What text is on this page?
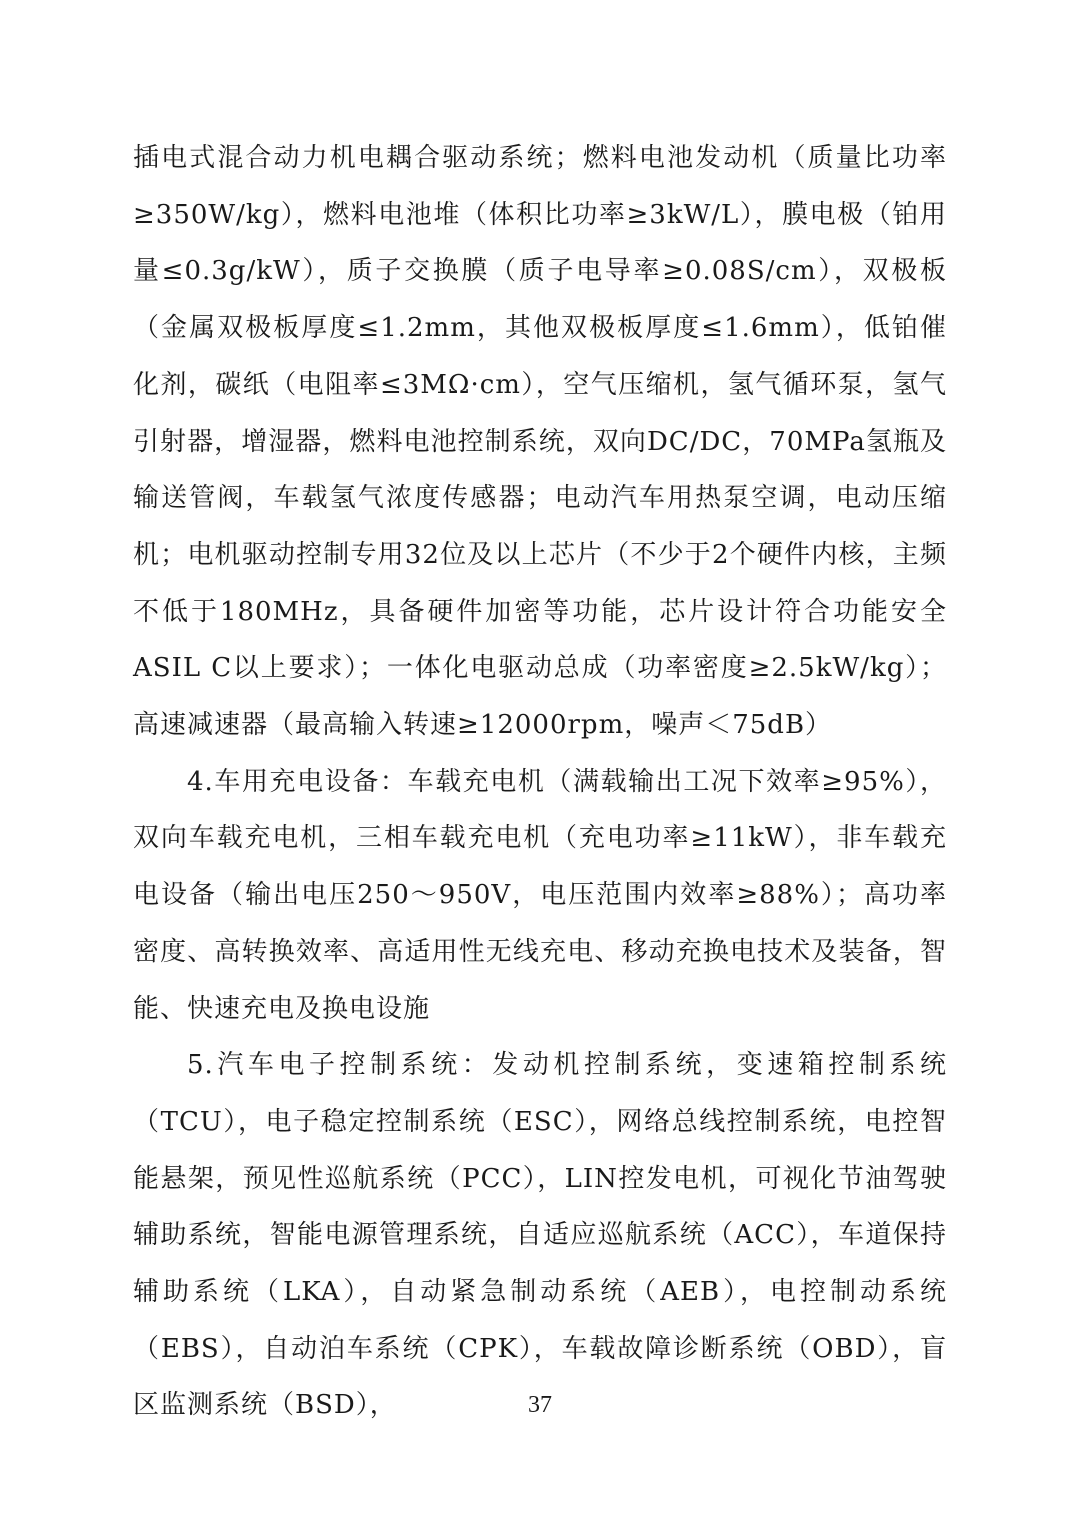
插电式混合动力机电耦合驱动系统；燃料电池发动机（质量比功率≥350W/kg），燃料电池堆（体积比功率≥3kW/L），膜电极（铂用量≤0.3g/kW），质子交换膜（质子电导率≥0.08S/cm），双极板（金属双极板厚度≤1.2mm，其他双极板厚度≤1.6mm），低铂催化剂，碳纸（电阻率≤3MΩ·cm），空气压缩机，氢气循环泵，氢气引射器，增湿器，燃料电池控制系统，双向DC/DC，70MPa氢瓶及输送管阀，车载氢气浓度传感器；电动汽车用热泵空调，电动压缩机；电机驱动控制专用32位及以上芯片（不少于2个硬件内核，主频不低于180MHz，具备硬件加密等功能，芯片设计符合功能安全ASIL C以上要求）；一体化电驱动总成（功率密度≥2.5kW/kg）；高速减速器（最高输入转速≥12000rpm，噪声＜75dB）

4.车用充电设备：车载充电机（满载输出工况下效率≥95%），双向车载充电机，三相车载充电机（充电功率≥11kW），非车载充电设备（输出电压250～950V，电压范围内效率≥88%）；高功率密度、高转换效率、高适用性无线充电、移动充换电技术及装备，智能、快速充电及换电设施

5.汽车电子控制系统：发动机控制系统，变速箱控制系统（TCU），电子稳定控制系统（ESC），网络总线控制系统，电控智能悬架，预见性巡航系统（PCC），LIN控发电机，可视化节油驾驶辅助系统，智能电源管理系统，自适应巡航系统（ACC），车道保持辅助系统（LKA），自动紧急制动系统（AEB），电控制动系统（EBS），自动泊车系统（CPK），车载故障诊断系统（OBD），盲区监测系统（BSD），	37
